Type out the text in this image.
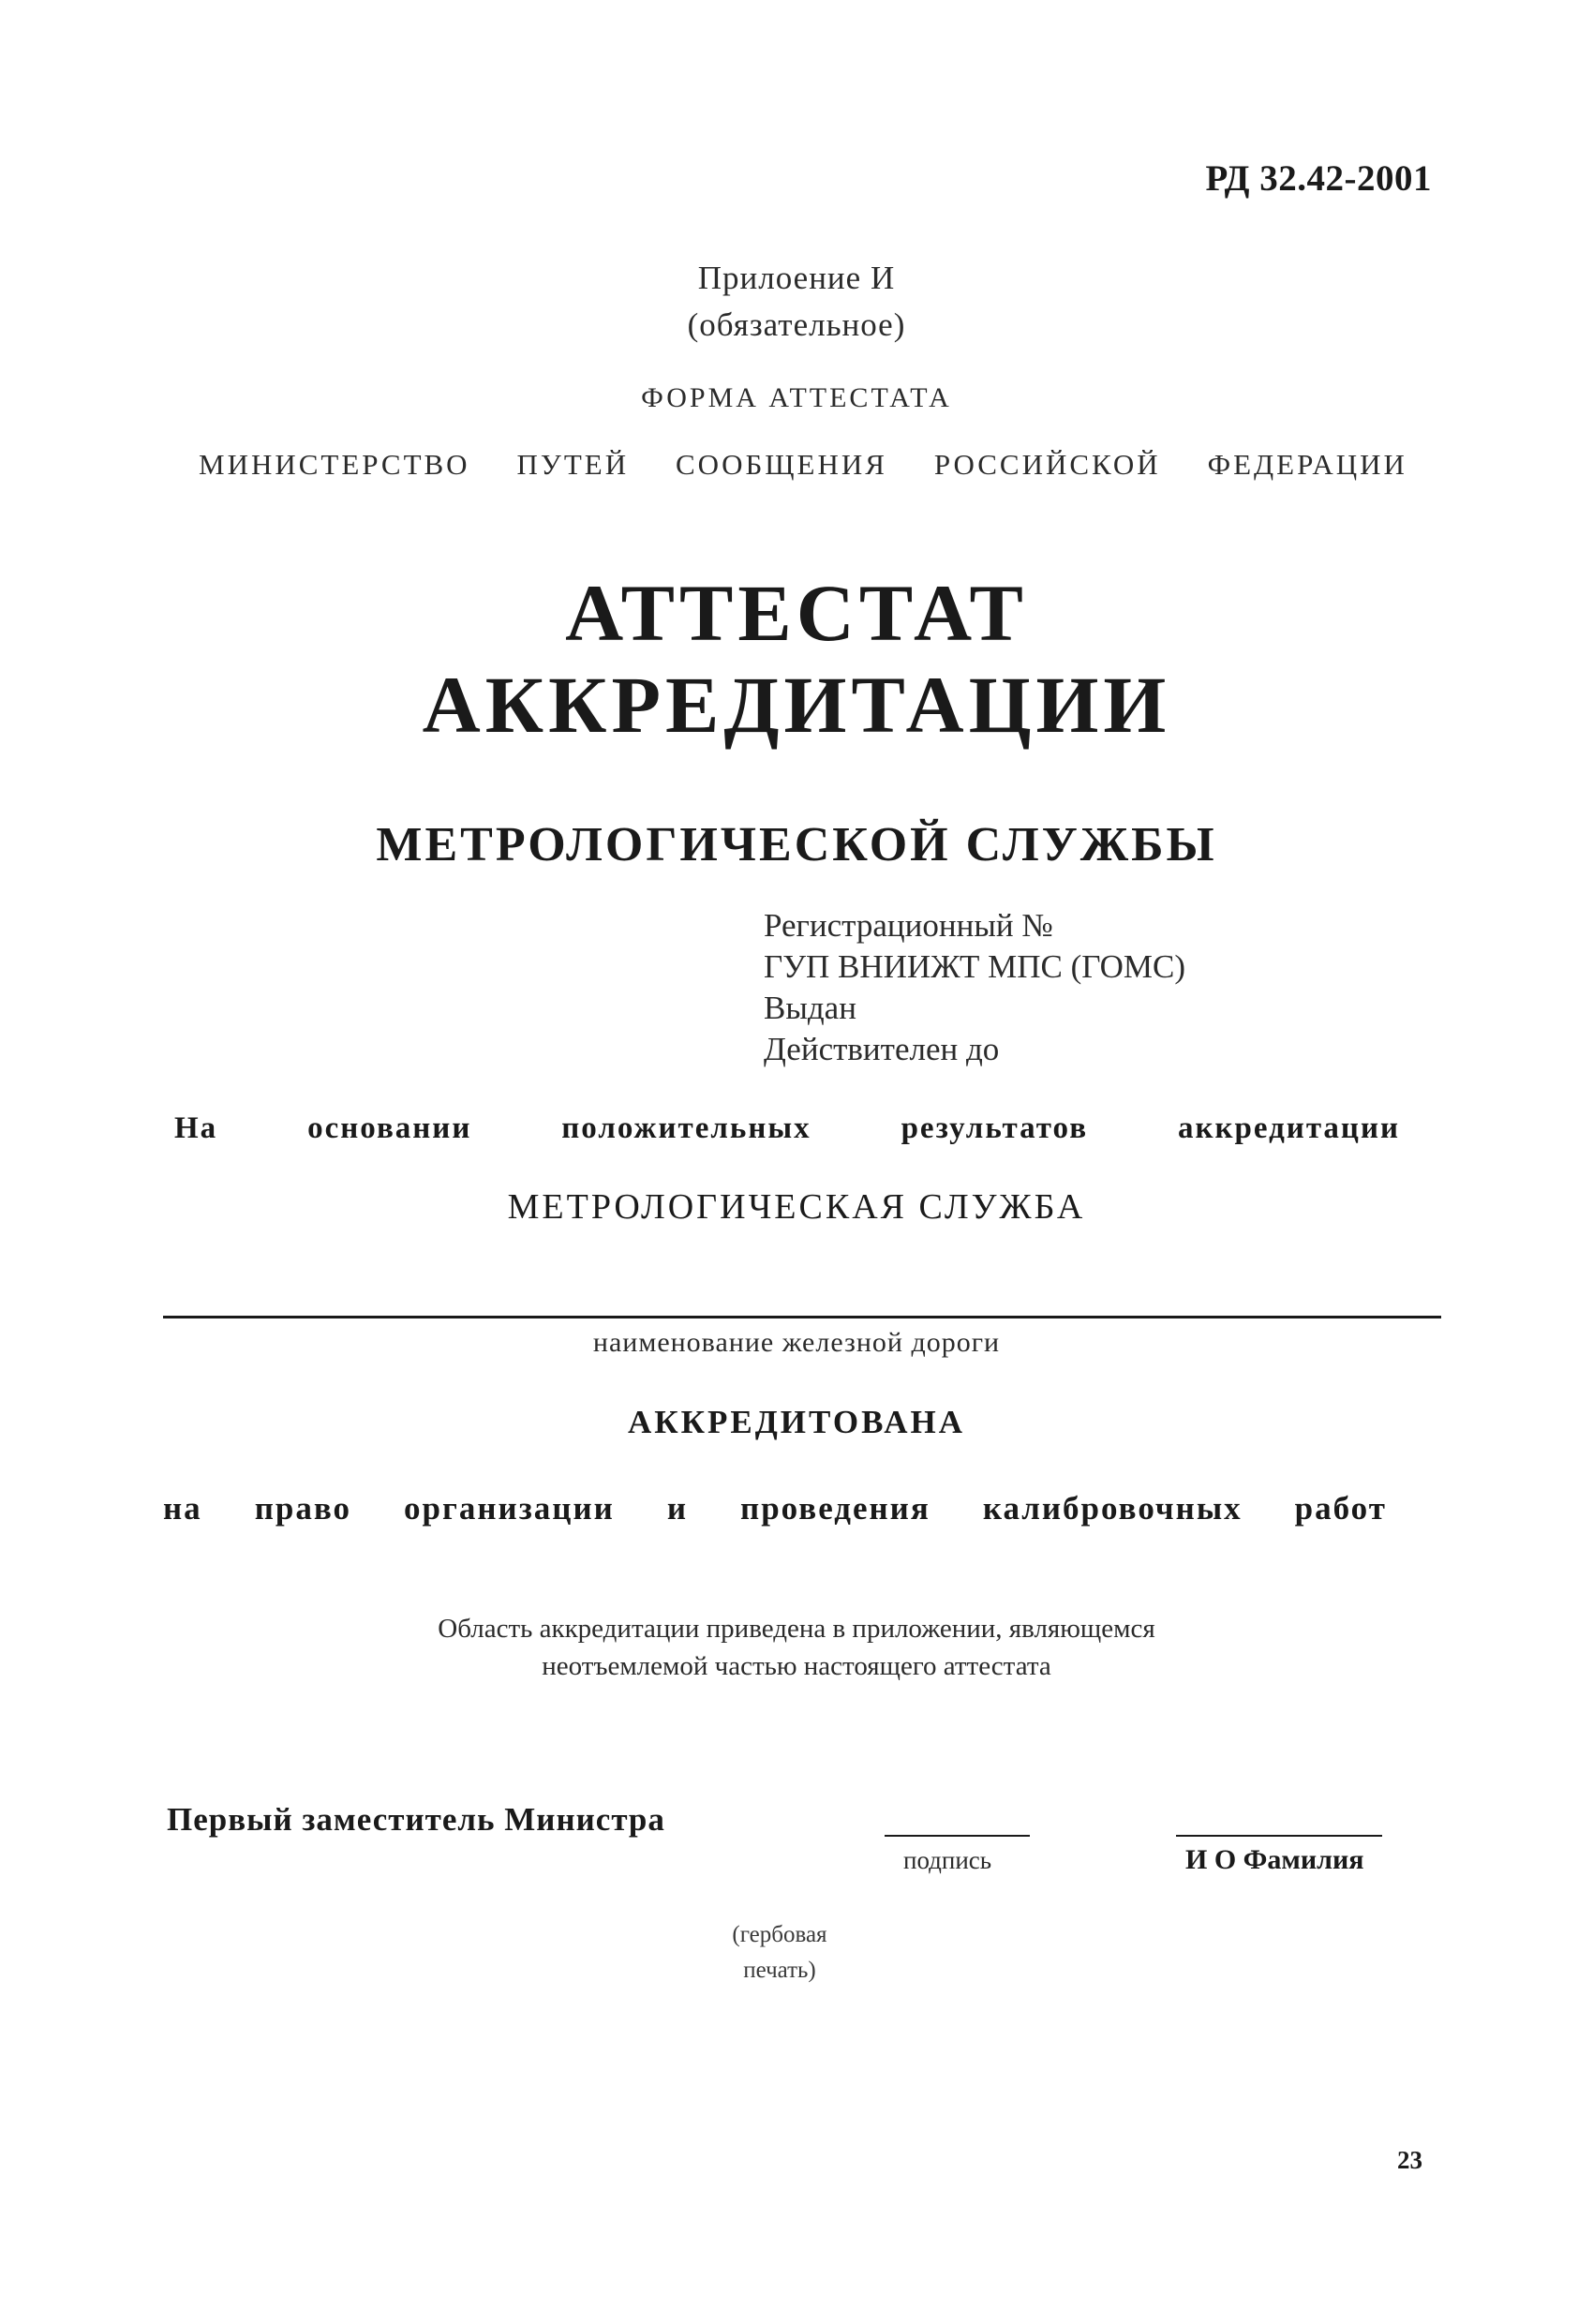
РД 32.42-2001
Прилоение И
(обязательное)
ФОРМА АТТЕСТАТА
МИНИСТЕРСТВО ПУТЕЙ СООБЩЕНИЯ РОССИЙСКОЙ ФЕДЕРАЦИИ
АТТЕСТАТ
АККРЕДИТАЦИИ
МЕТРОЛОГИЧЕСКОЙ СЛУЖБЫ
Регистрационный №
ГУП ВНИИЖТ МПС (ГОМС)
Выдан
Действителен до
На	основании	положительных	результатов	аккредитации
МЕТРОЛОГИЧЕСКАЯ СЛУЖБА
наименование железной дороги
АККРЕДИТОВАНА
на право организации и проведения калибровочных работ
Область аккредитации приведена в приложении, являющемся
неотъемлемой частью настоящего аттестата
Первый заместитель Министра
подпись	И О Фамилия
(гербовая
печать)
23
